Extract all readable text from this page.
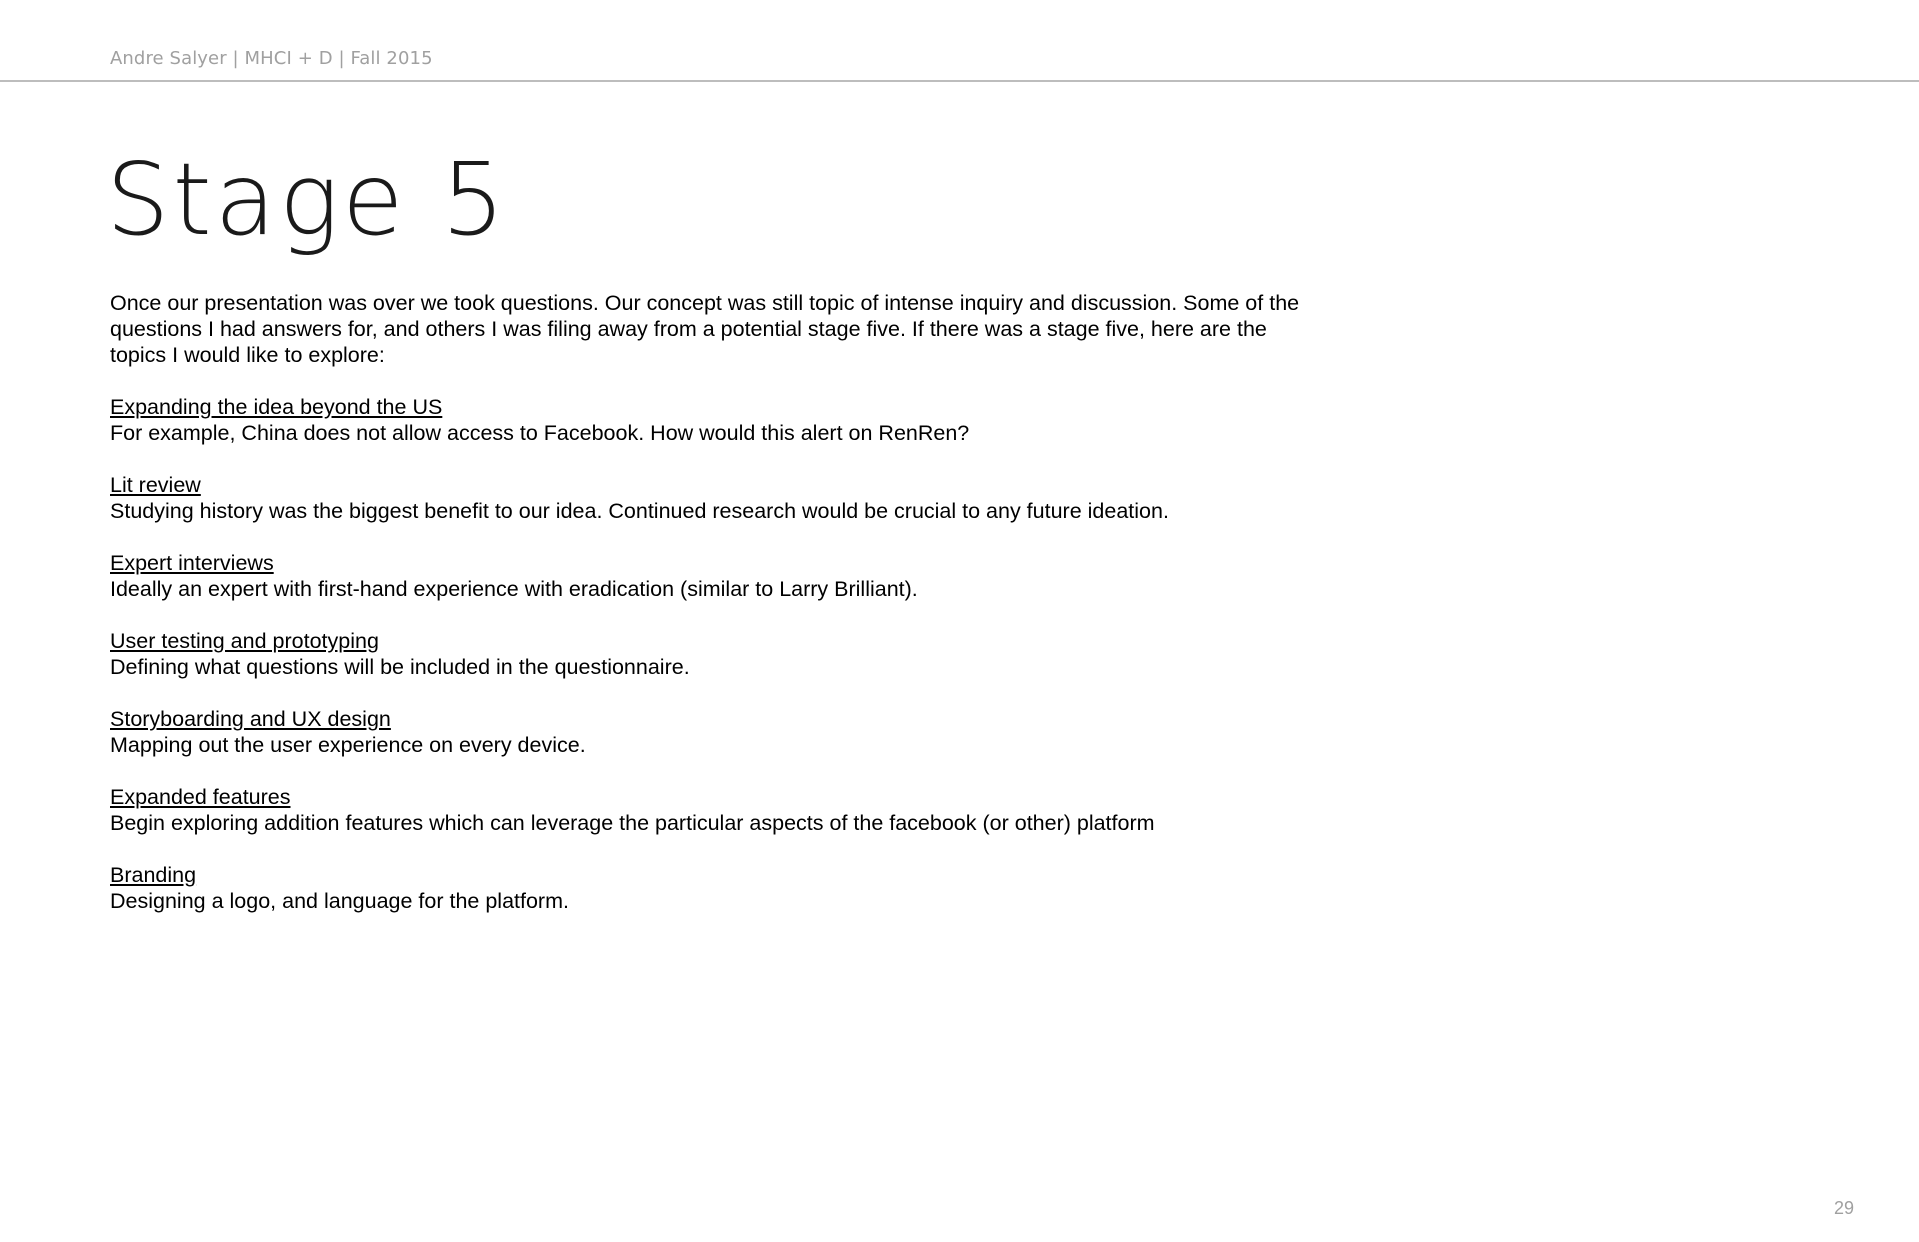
Andre Salyer | MHCI + D | Fall 2015
Stage 5

Once our presentation was over we took questions. Our concept was still topic of intense inquiry and discussion. Some of the questions I had answers for, and others I was filing away from a potential stage five. If there was a stage five, here are the topics I would like to explore:

Expanding the idea beyond the US
For example, China does not allow access to Facebook. How would this alert on RenRen?
Lit review
Studying history was the biggest benefit to our idea. Continued research would be crucial to any future ideation.
Expert interviews
Ideally an expert with first-hand experience with eradication (similar to Larry Brilliant).
User testing and prototyping
Defining what questions will be included in the questionnaire.
Storyboarding and UX design
Mapping out the user experience on every device.
Expanded features
Begin exploring addition features which can leverage the particular aspects of the facebook (or other) platform
Branding
Designing a logo, and language for the platform.
29
